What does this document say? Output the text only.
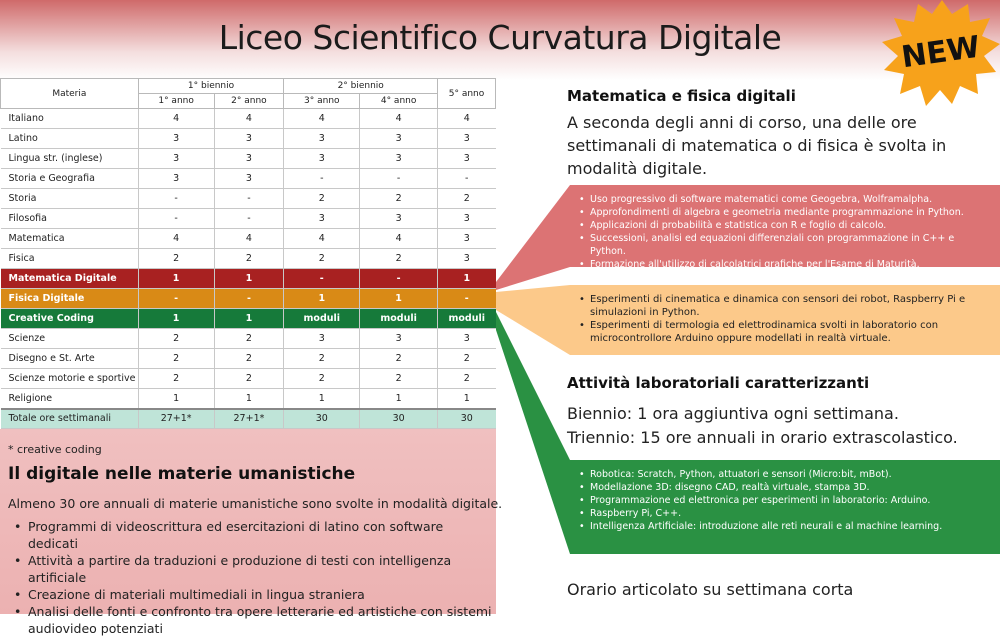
Liceo Scientifico Curvatura Digitale	NEW
Materia	1° biennio		2° biennio		5° anno
	1° anno	2° anno	3° anno	4° anno	
Italiano	4	4	4	4	4
Latino	3	3	3	3	3
Lingua str. (inglese)	3	3	3	3	3
Storia e Geografia	3	3	-	-	-
Storia	-	-	2	2	2
Filosofia	-	-	3	3	3
Matematica	4	4	4	4	3
Fisica	2	2	2	2	3
Matematica Digitale	1	1	-	-	1
Fisica Digitale	-	-	1	1	-
Creative Coding	1	1	moduli	moduli	moduli
Scienze	2	2	3	3	3
Disegno e St. Arte	2	2	2	2	2
Scienze motorie e sportive	2	2	2	2	2
Religione	1	1	1	1	1
Totale ore settimanali	27+1*	27+1*	30	30	30
* creative coding
Il digitale nelle materie umanistiche
Almeno 30 ore annuali di materie umanistiche sono svolte in modalità digitale.
• Programmi di videoscrittura ed esercitazioni di latino con software dedicati
• Attività a partire da traduzioni e produzione di testi con intelligenza artificiale
• Creazione di materiali multimediali in lingua straniera
• Analisi delle fonti e confronto tra opere letterarie ed artistiche con sistemi audiovideo potenziati
Matematica e fisica digitali
A seconda degli anni di corso, una delle ore settimanali di matematica o di fisica è svolta in modalità digitale.
• Uso progressivo di software matematici come Geogebra, Wolframalpha.
• Approfondimenti di algebra e geometria mediante programmazione in Python.
• Applicazioni di probabilità e statistica con R e foglio di calcolo.
• Successioni, analisi ed equazioni differenziali con programmazione in C++ e Python.
• Formazione all'utilizzo di calcolatrici grafiche per l'Esame di Maturità.
• Esperimenti di cinematica e dinamica con sensori dei robot, Raspberry Pi e simulazioni in Python.
• Esperimenti di termologia ed elettrodinamica svolti in laboratorio con microcontrollore Arduino oppure modellati in realtà virtuale.
Attività laboratoriali caratterizzanti
Biennio: 1 ora aggiuntiva ogni settimana.
Triennio: 15 ore annuali in orario extrascolastico.
• Robotica: Scratch, Python, attuatori e sensori (Micro:bit, mBot).
• Modellazione 3D: disegno CAD, realtà virtuale, stampa 3D.
• Programmazione ed elettronica per esperimenti in laboratorio: Arduino.
• Raspberry Pi, C++.
• Intelligenza Artificiale: introduzione alle reti neurali e al machine learning.
Orario articolato su settimana corta
